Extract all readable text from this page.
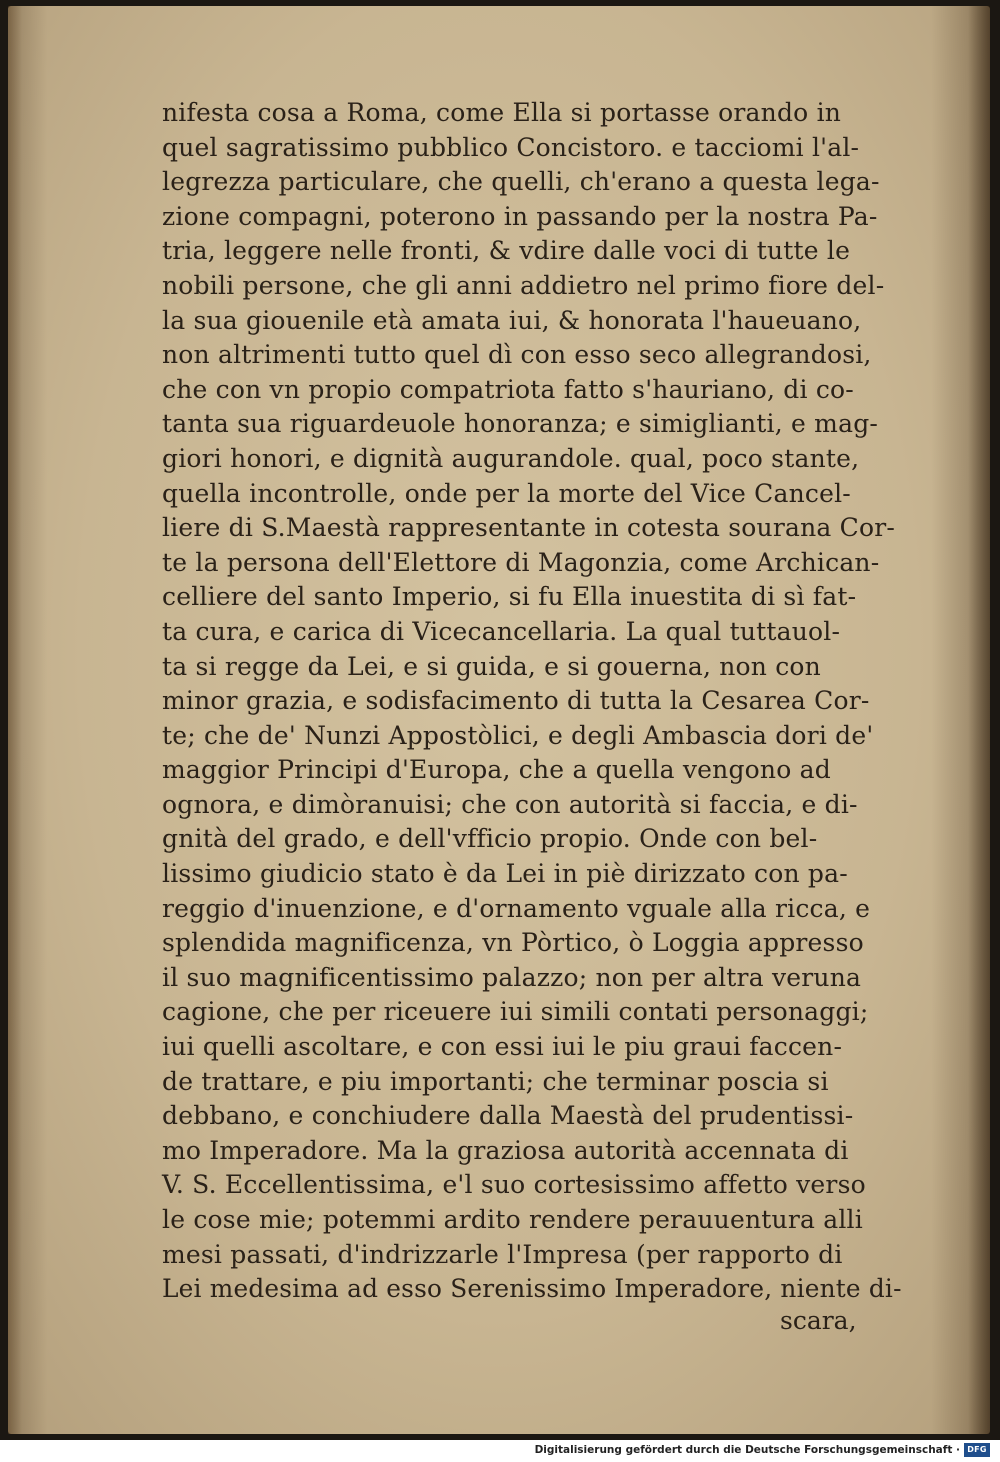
nifesta cosa a Roma, come Ella si portasse orando in
quel sagratissimo pubblico Concistoro. e tacciomi l'al-
legrezza particulare, che quelli, ch'erano a questa lega-
zione compagni, poterono in passando per la nostra Pa-
tria, leggere nelle fronti, & vdire dalle voci di tutte le
nobili persone, che gli anni addietro nel primo fiore del-
la sua giouenile età amata iui, & honorata l'haueuano,
non altrimenti tutto quel dì con esso seco allegrandosi,
che con vn propio compatriota fatto s'hauriano, di co-
tanta sua riguardeuole honoranza; e simiglianti, e mag-
giori honori, e dignità augurandole. qual, poco stante,
quella incontrolle, onde per la morte del Vice Cancel-
liere di S.Maestà rappresentante in cotesta sourana Cor-
te la persona dell'Elettore di Magonzia, come Archican-
celliere del santo Imperio, si fu Ella inuestita di sì fat-
ta cura, e carica di Vicecancellaria. La qual tuttauol-
ta si regge da Lei, e si guida, e si gouerna, non con
minor grazia, e sodisfacimento di tutta la Cesarea Cor-
te; che de' Nunzi Appostòlici, e degli Ambascia dori de'
maggior Principi d'Europa, che a quella vengono ad
ognora, e dimòranuisi; che con autorità si faccia, e di-
gnità del grado, e dell'vfficio propio. Onde con bel-
lissimo giudicio stato è da Lei in piè dirizzato con pa-
reggio d'inuenzione, e d'ornamento vguale alla ricca, e
splendida magnificenza, vn Pòrtico, ò Loggia appresso
il suo magnificentissimo palazzo; non per altra veruna
cagione, che per riceuere iui simili contati personaggi;
iui quelli ascoltare, e con essi iui le piu graui faccen-
de trattare, e piu importanti; che terminar poscia si
debbano, e conchiudere dalla Maestà del prudentissi-
mo Imperadore. Ma la graziosa autorità accennata di
V. S. Eccellentissima, e'l suo cortesissimo affetto verso
le cose mie; potemmi ardito rendere perauuentura alli
mesi passati, d'indrizzarle l'Impresa (per rapporto di
Lei medesima ad esso Serenissimo Imperadore, niente di-
scara,
Digitalisierung gefördert durch die Deutsche Forschungsgemeinschaft · DFG
